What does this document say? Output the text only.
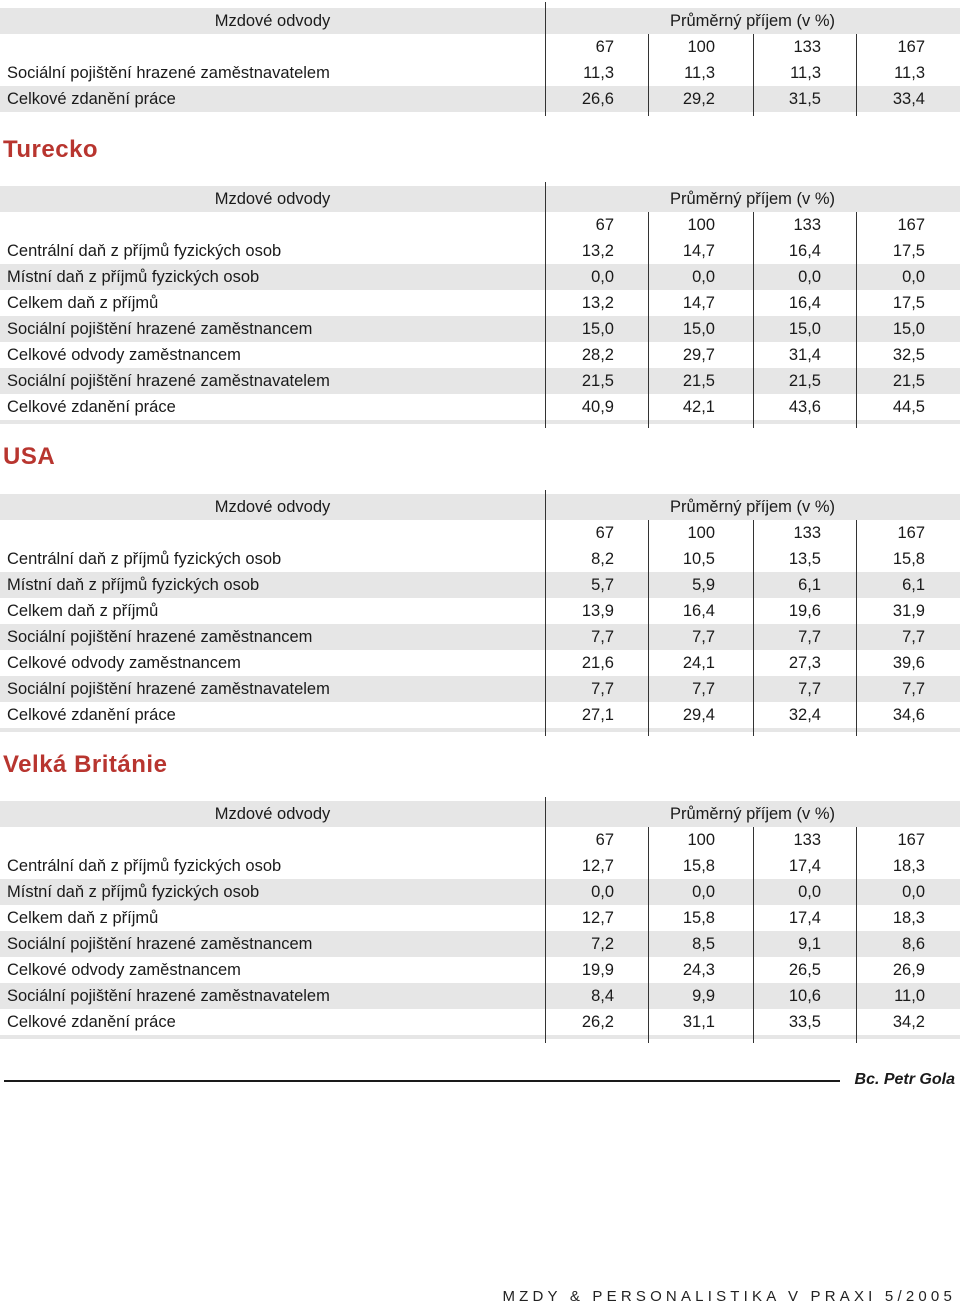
Mzdové odvody	Průměrný příjem (v %)
67	100	133	167
Sociální pojištění hrazené zaměstnavatelem	11,3	11,3	11,3	11,3
Celkové zdanění práce	26,6	29,2	31,5	33,4
Turecko
Mzdové odvody	Průměrný příjem (v %)
67	100	133	167
Centrální daň z příjmů fyzických osob	13,2	14,7	16,4	17,5
Místní daň z příjmů fyzických osob	0,0	0,0	0,0	0,0
Celkem daň z příjmů	13,2	14,7	16,4	17,5
Sociální pojištění hrazené zaměstnancem	15,0	15,0	15,0	15,0
Celkové odvody zaměstnancem	28,2	29,7	31,4	32,5
Sociální pojištění hrazené zaměstnavatelem	21,5	21,5	21,5	21,5
Celkové zdanění práce	40,9	42,1	43,6	44,5
USA
Mzdové odvody	Průměrný příjem (v %)
67	100	133	167
Centrální daň z příjmů fyzických osob	8,2	10,5	13,5	15,8
Místní daň z příjmů fyzických osob	5,7	5,9	6,1	6,1
Celkem daň z příjmů	13,9	16,4	19,6	31,9
Sociální pojištění hrazené zaměstnancem	7,7	7,7	7,7	7,7
Celkové odvody zaměstnancem	21,6	24,1	27,3	39,6
Sociální pojištění hrazené zaměstnavatelem	7,7	7,7	7,7	7,7
Celkové zdanění práce	27,1	29,4	32,4	34,6
Velká Británie
Mzdové odvody	Průměrný příjem (v %)
67	100	133	167
Centrální daň z příjmů fyzických osob	12,7	15,8	17,4	18,3
Místní daň z příjmů fyzických osob	0,0	0,0	0,0	0,0
Celkem daň z příjmů	12,7	15,8	17,4	18,3
Sociální pojištění hrazené zaměstnancem	7,2	8,5	9,1	8,6
Celkové odvody zaměstnancem	19,9	24,3	26,5	26,9
Sociální pojištění hrazené zaměstnavatelem	8,4	9,9	10,6	11,0
Celkové zdanění práce	26,2	31,1	33,5	34,2
Bc. Petr Gola
MZDY & PERSONALISTIKA V PRAXI 5/2005
